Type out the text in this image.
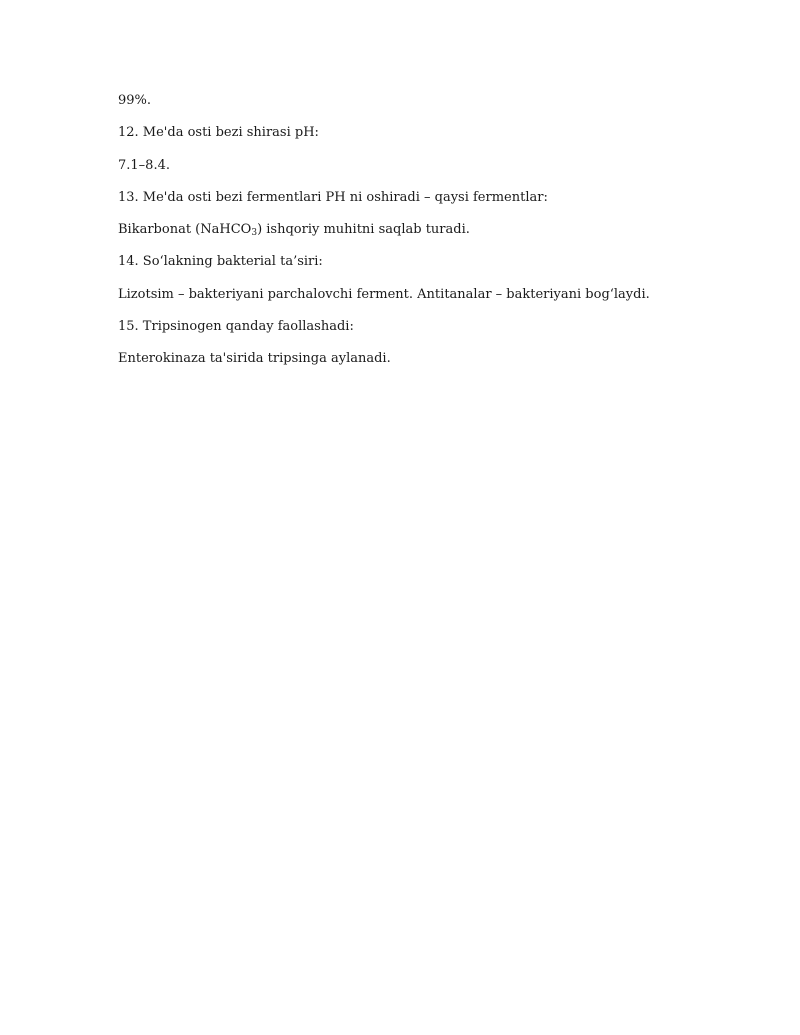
99%.

12. Me'da osti bezi shirasi pH:

7.1–8.4.

13. Me'da osti bezi fermentlari PH ni oshiradi – qaysi fermentlar:

Bikarbonat (NaHCO$_3$) ishqoriy muhitni saqlab turadi.

14. So‘lakning bakterial ta’siri:

Lizotsim – bakteriyani parchalovchi ferment. Antitanalar – bakteriyani bog‘laydi.

15. Tripsinogen qanday faollashadi:

Enterokinaza ta'sirida tripsinga aylanadi.
